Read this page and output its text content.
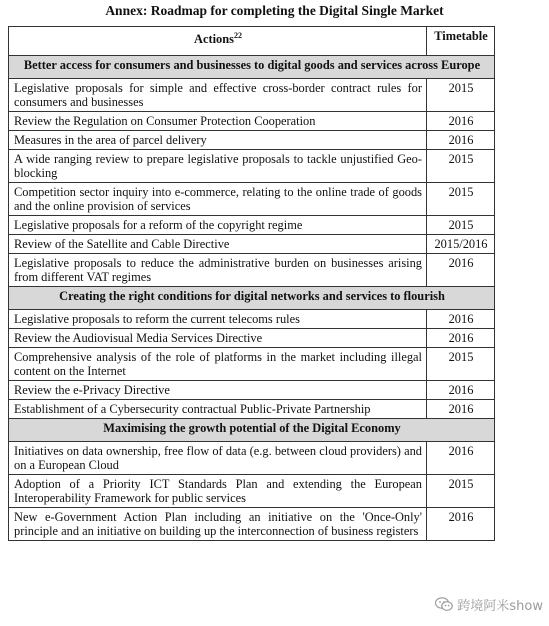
Annex: Roadmap for completing the Digital Single Market
Actions$^{22}$	Timetable
Better access for consumers and businesses to digital goods and services across Europe	
Legislative proposals for simple and effective cross-border contract rules for consumers and businesses	2015
Review the Regulation on Consumer Protection Cooperation	2016
Measures in the area of parcel delivery	2016
A wide ranging review to prepare legislative proposals to tackle unjustified Geo-blocking	2015
Competition sector inquiry into e-commerce, relating to the online trade of goods and the online provision of services	2015
Legislative proposals for a reform of the copyright regime	2015
Review of the Satellite and Cable Directive	2015/2016
Legislative proposals to reduce the administrative burden on businesses arising from different VAT regimes	2016
Creating the right conditions for digital networks and services to flourish	
Legislative proposals to reform the current telecoms rules	2016
Review the Audiovisual Media Services Directive	2016
Comprehensive analysis of the role of platforms in the market including illegal content on the Internet	2015
Review the e-Privacy Directive	2016
Establishment of a Cybersecurity contractual Public-Private Partnership	2016
Maximising the growth potential of the Digital Economy	
Initiatives on data ownership, free flow of data (e.g. between cloud providers) and on a European Cloud	2016
Adoption of a Priority ICT Standards Plan and extending the European Interoperability Framework for public services	2015
New e-Government Action Plan including an initiative on the 'Once-Only' principle and an initiative on building up the interconnection of business registers	2016
跨境阿米show
